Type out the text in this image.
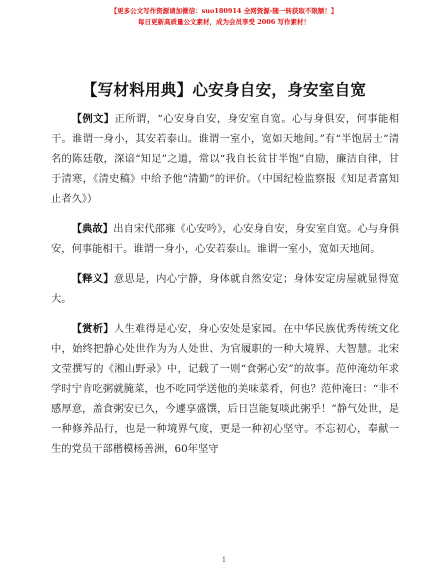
【更多公文写作资源请加微信：suo180914 全网资源-随一转获取不限额！】
每日更新高质量公文素材，成为会员享受 2006 写作素材！
【写材料用典】心安身自安，身安室自宽

【例文】正所谓，“心安身自安，身安室自宽。心与身俱安，何事能相干。谁谓一身小，其安若泰山。谁谓一室小，宽如天地间。”有“半饱居士”清名的陈廷敬，深谙“知足”之道，常以“我自长贫甘半饱”自励，廉洁自律，甘于清寒，《清史稿》中给予他“清勤”的评价。（中国纪检监察报《知足者富知止者久》）

【典故】出自宋代邵雍《心安吟》，心安身自安，身安室自宽。心与身俱安，何事能相干。谁谓一身小，心安若泰山。谁谓一室小，宽如天地间。

【释义】意思是，内心宁静，身体就自然安定；身体安定房屋就显得宽大。

【赏析】人生难得是心安，身心安处是家园。在中华民族优秀传统文化中，始终把静心处世作为为人处世、为官履职的一种大境界、大智慧。北宋文莹撰写的《湘山野录》中，记载了一则“食粥心安”的故事。范仲淹幼年求学时宁肯吃粥就腌菜，也不吃同学送他的美味菜肴，何也？范仲淹曰：“非不感厚意，盖食粥安已久，今遽享盛馔，后日岂能复啖此粥乎！”静气处世，是一种修养品行，也是一种境界气度，更是一种初心坚守。不忘初心，奉献一生的党员干部楷模杨善洲，60年坚守

1
